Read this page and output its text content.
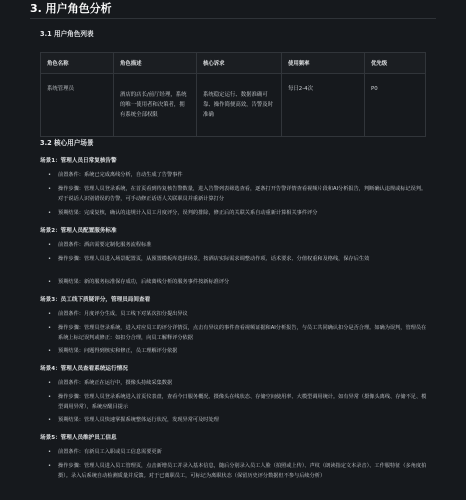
3. 用户角色分析
3.1 用户角色列表
角色名称	角色描述	核心诉求	使用频率	优先级
系统管理员	酒店的店长/前厅经理，系统的唯一使用者和决策者，拥有系统全部权限	系统稳定运行、数据准确可靠、操作简便高效，告警及时准确	每日2-4次	P0
3.2 核心用户场景
场景1：管理人员日常复核告警
• 前置条件：系统已完成离线分析，自动生成了告警事件
• 操作步骤：管理人员登录系统，在首页看到待复核告警数量，进入告警列表筛选查看，逐条打开告警详情查看视频片段和AI分析报告，判断确认违规或标记误判。对于说话人识别错误的告警，可手动修正话语人关联职员并重新计算打分
• 预期结果：完成复核，确认的违规计入员工月度评分，误判的排除，修正后的关联关系自动重新计算相关事件评分
场景2：管理人员配置服务标准
• 前置条件：酒店需要定制化服务流程标准
• 操作步骤：管理人员进入场景配置页，从预置模板库选择场景，按酒店实际需求调整动作项、话术要求、分值权重和及格线，保存后生效
• 预期结果：新的服务标准保存成功，后续离线分析的服务事件按新标准评分
场景3：员工线下质疑评分，管理员局间查看
• 前置条件：月度评分生成，员工线下对某次扣分提出异议
• 操作步骤：管理员登录系统，进入对应员工的评分详情页，点击有异议的事件查看视频证据和AI分析报告，与员工共同确认扣分是否合理。如确为误判，管理员在系统上标记误判或修正：如扣分合理，向员工解释评分依据
• 预期结果：问题得到核实和修正，员工理解评分依据
场景4：管理人员查看系统运行情况
• 前置条件：系统正在运行中，摄像头持续采集数据
• 操作步骤：管理人员登录系统进入首页仪表盘，查看今日服务概况、摄像头在线状态、存储空间使用率、大模型调用统计。如有异常（摄像头离线、存储不足、模型调用异常），系统应醒目提示
• 预期结果：管理人员快速掌握系统整体运行状况，发现异常可及时处理
场景5：管理人员维护员工信息
• 前置条件：有新员工入职或员工信息需要更新
• 操作步骤：管理人员进入员工管理页，点击新增员工并录入基本信息，随后分别录入员工人脸（拍照或上传）、声纹（朗读指定文本录音）、工作服特征（多角度拍摄）。录入后系统自动检测质量并反馈。对于已离职员工，可标记为离职状态（保留历史评分数据但不参与后续分析）
